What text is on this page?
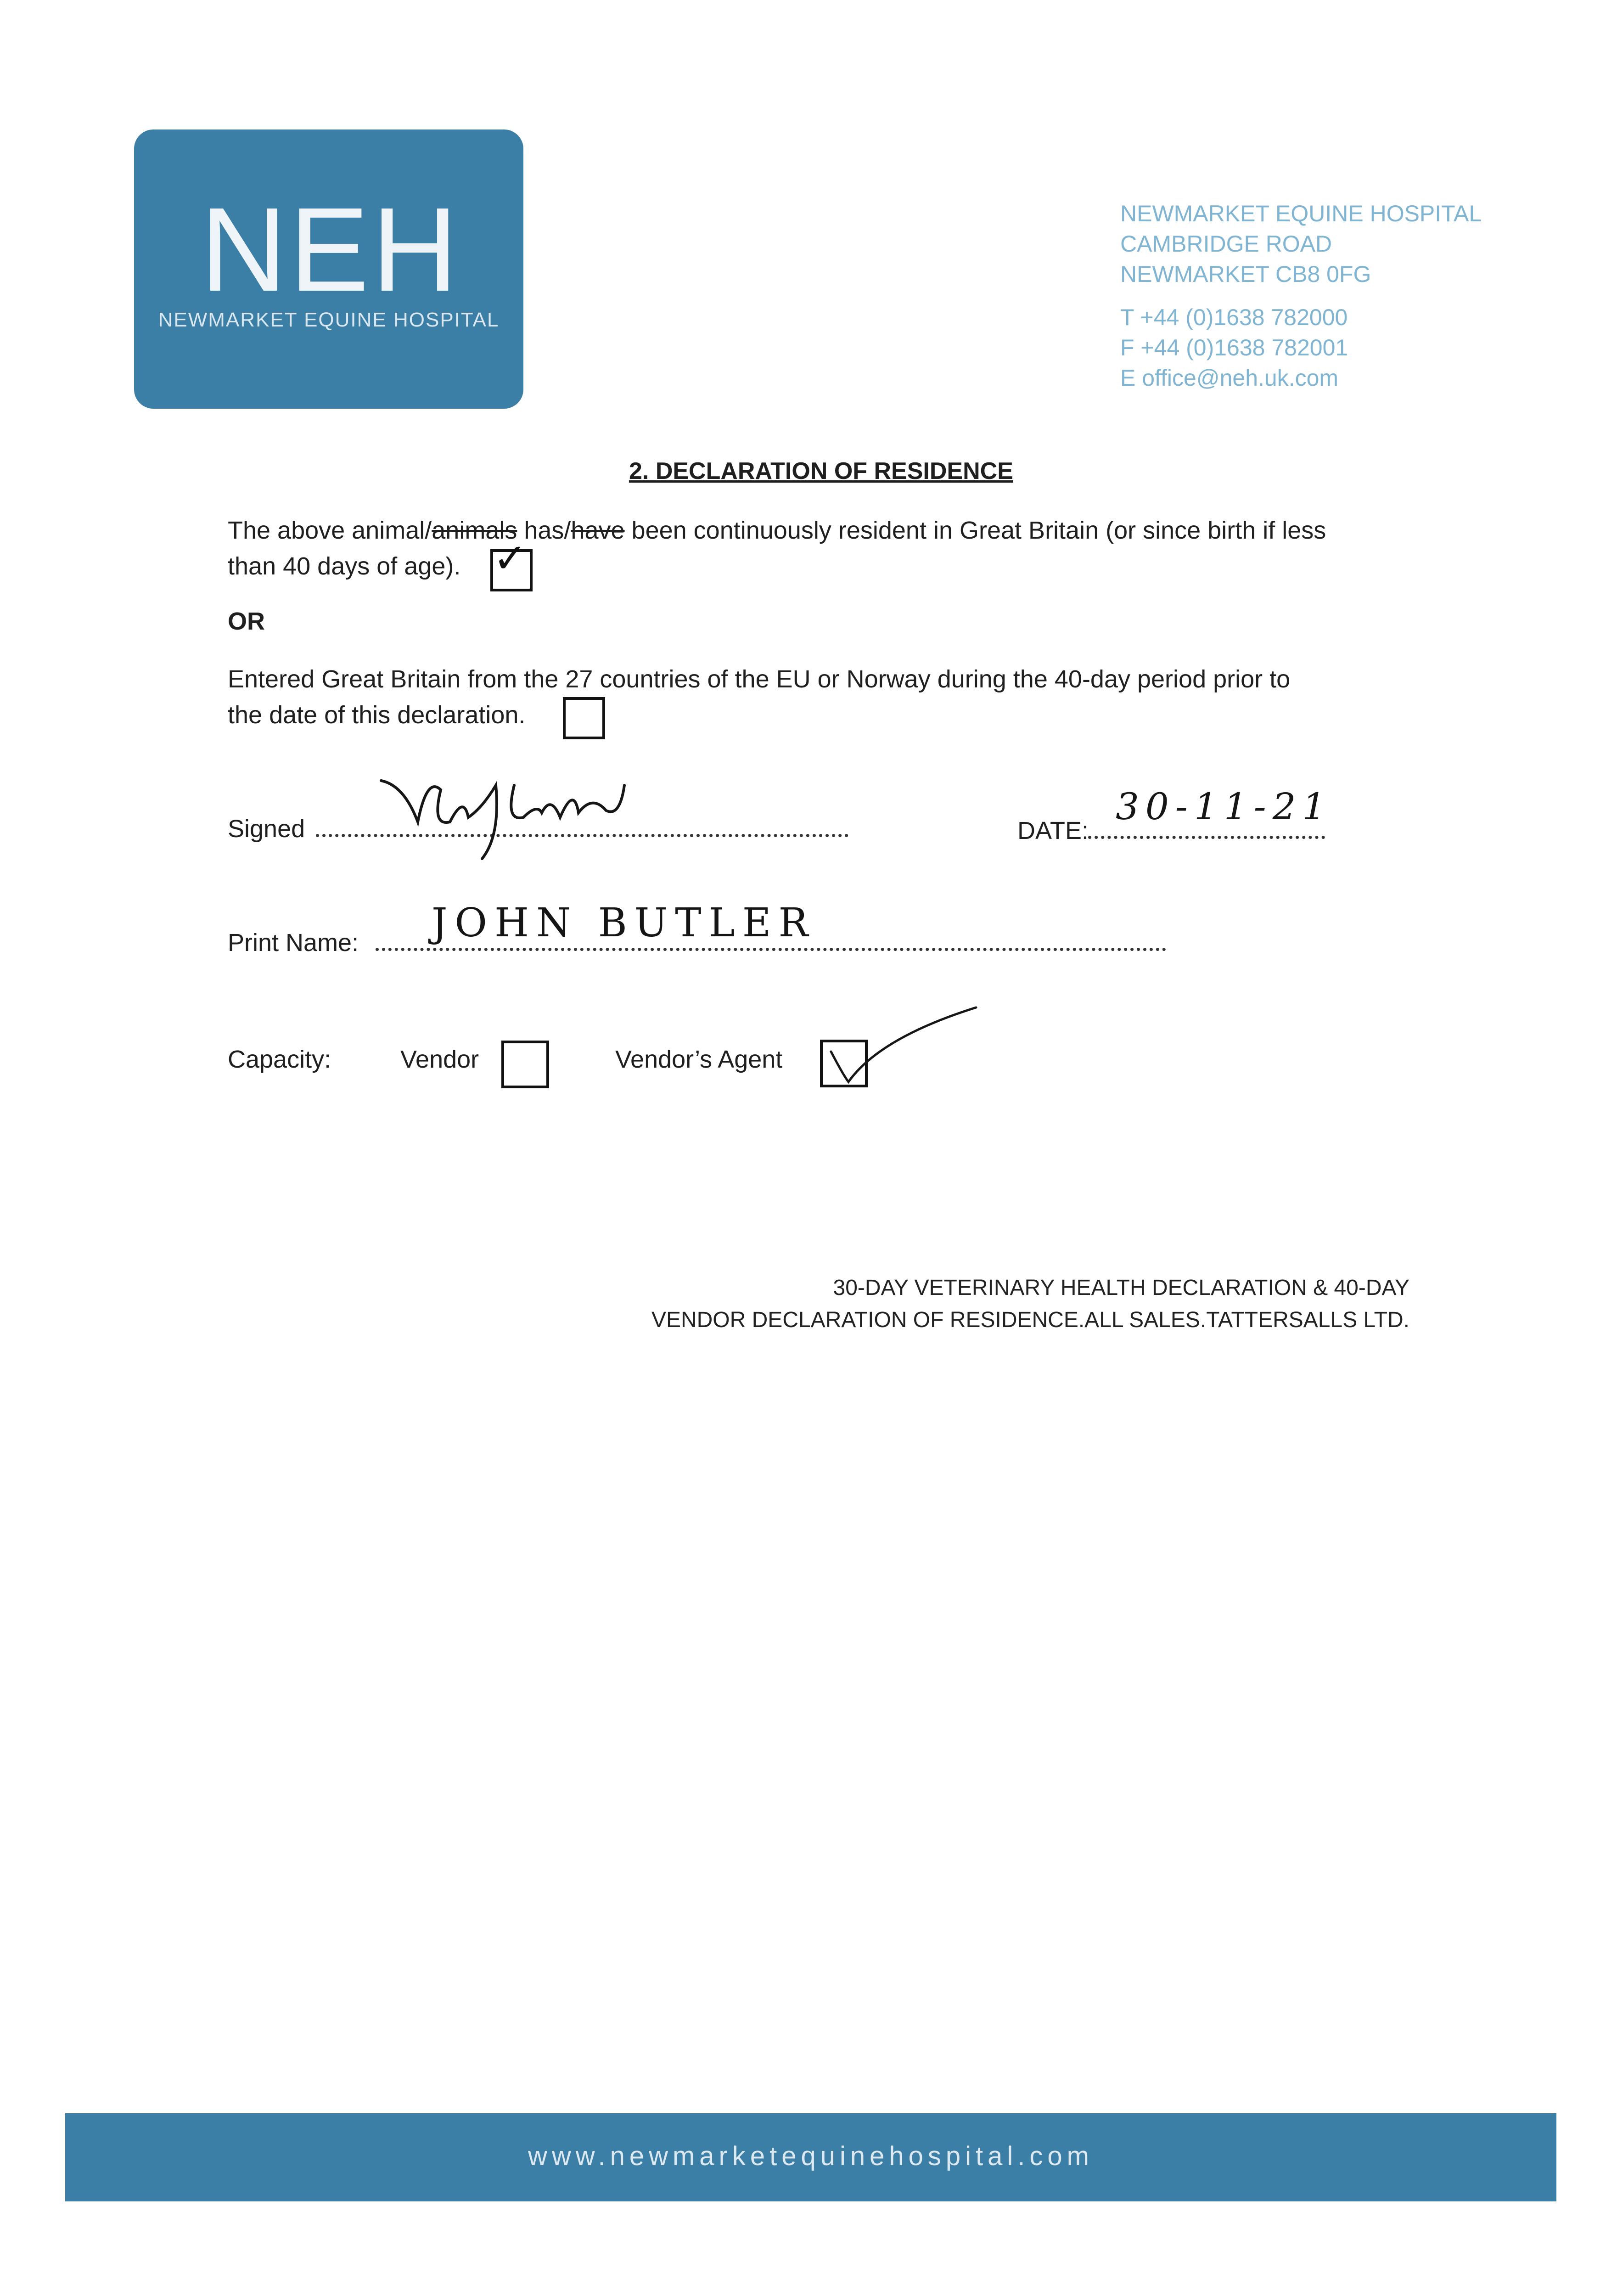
NEH
NEWMARKET EQUINE HOSPITAL
NEWMARKET EQUINE HOSPITAL
CAMBRIDGE ROAD
NEWMARKET CB8 0FG
T +44 (0)1638 782000
F +44 (0)1638 782001
E office@neh.uk.com
2. DECLARATION OF RESIDENCE
The above animal/animals has/have been continuously resident in Great Britain (or since birth if less
than 40 days of age). ✓
OR
Entered Great Britain from the 27 countries of the EU or Norway during the 40-day period prior to
the date of this declaration.
Signed	DATE:
30-11-21
Print Name: JOHN BUTLER
Capacity:	Vendor	Vendor’s Agent
30-DAY VETERINARY HEALTH DECLARATION & 40-DAY
VENDOR DECLARATION OF RESIDENCE.ALL SALES.TATTERSALLS LTD.
www.newmarketequinehospital.com
